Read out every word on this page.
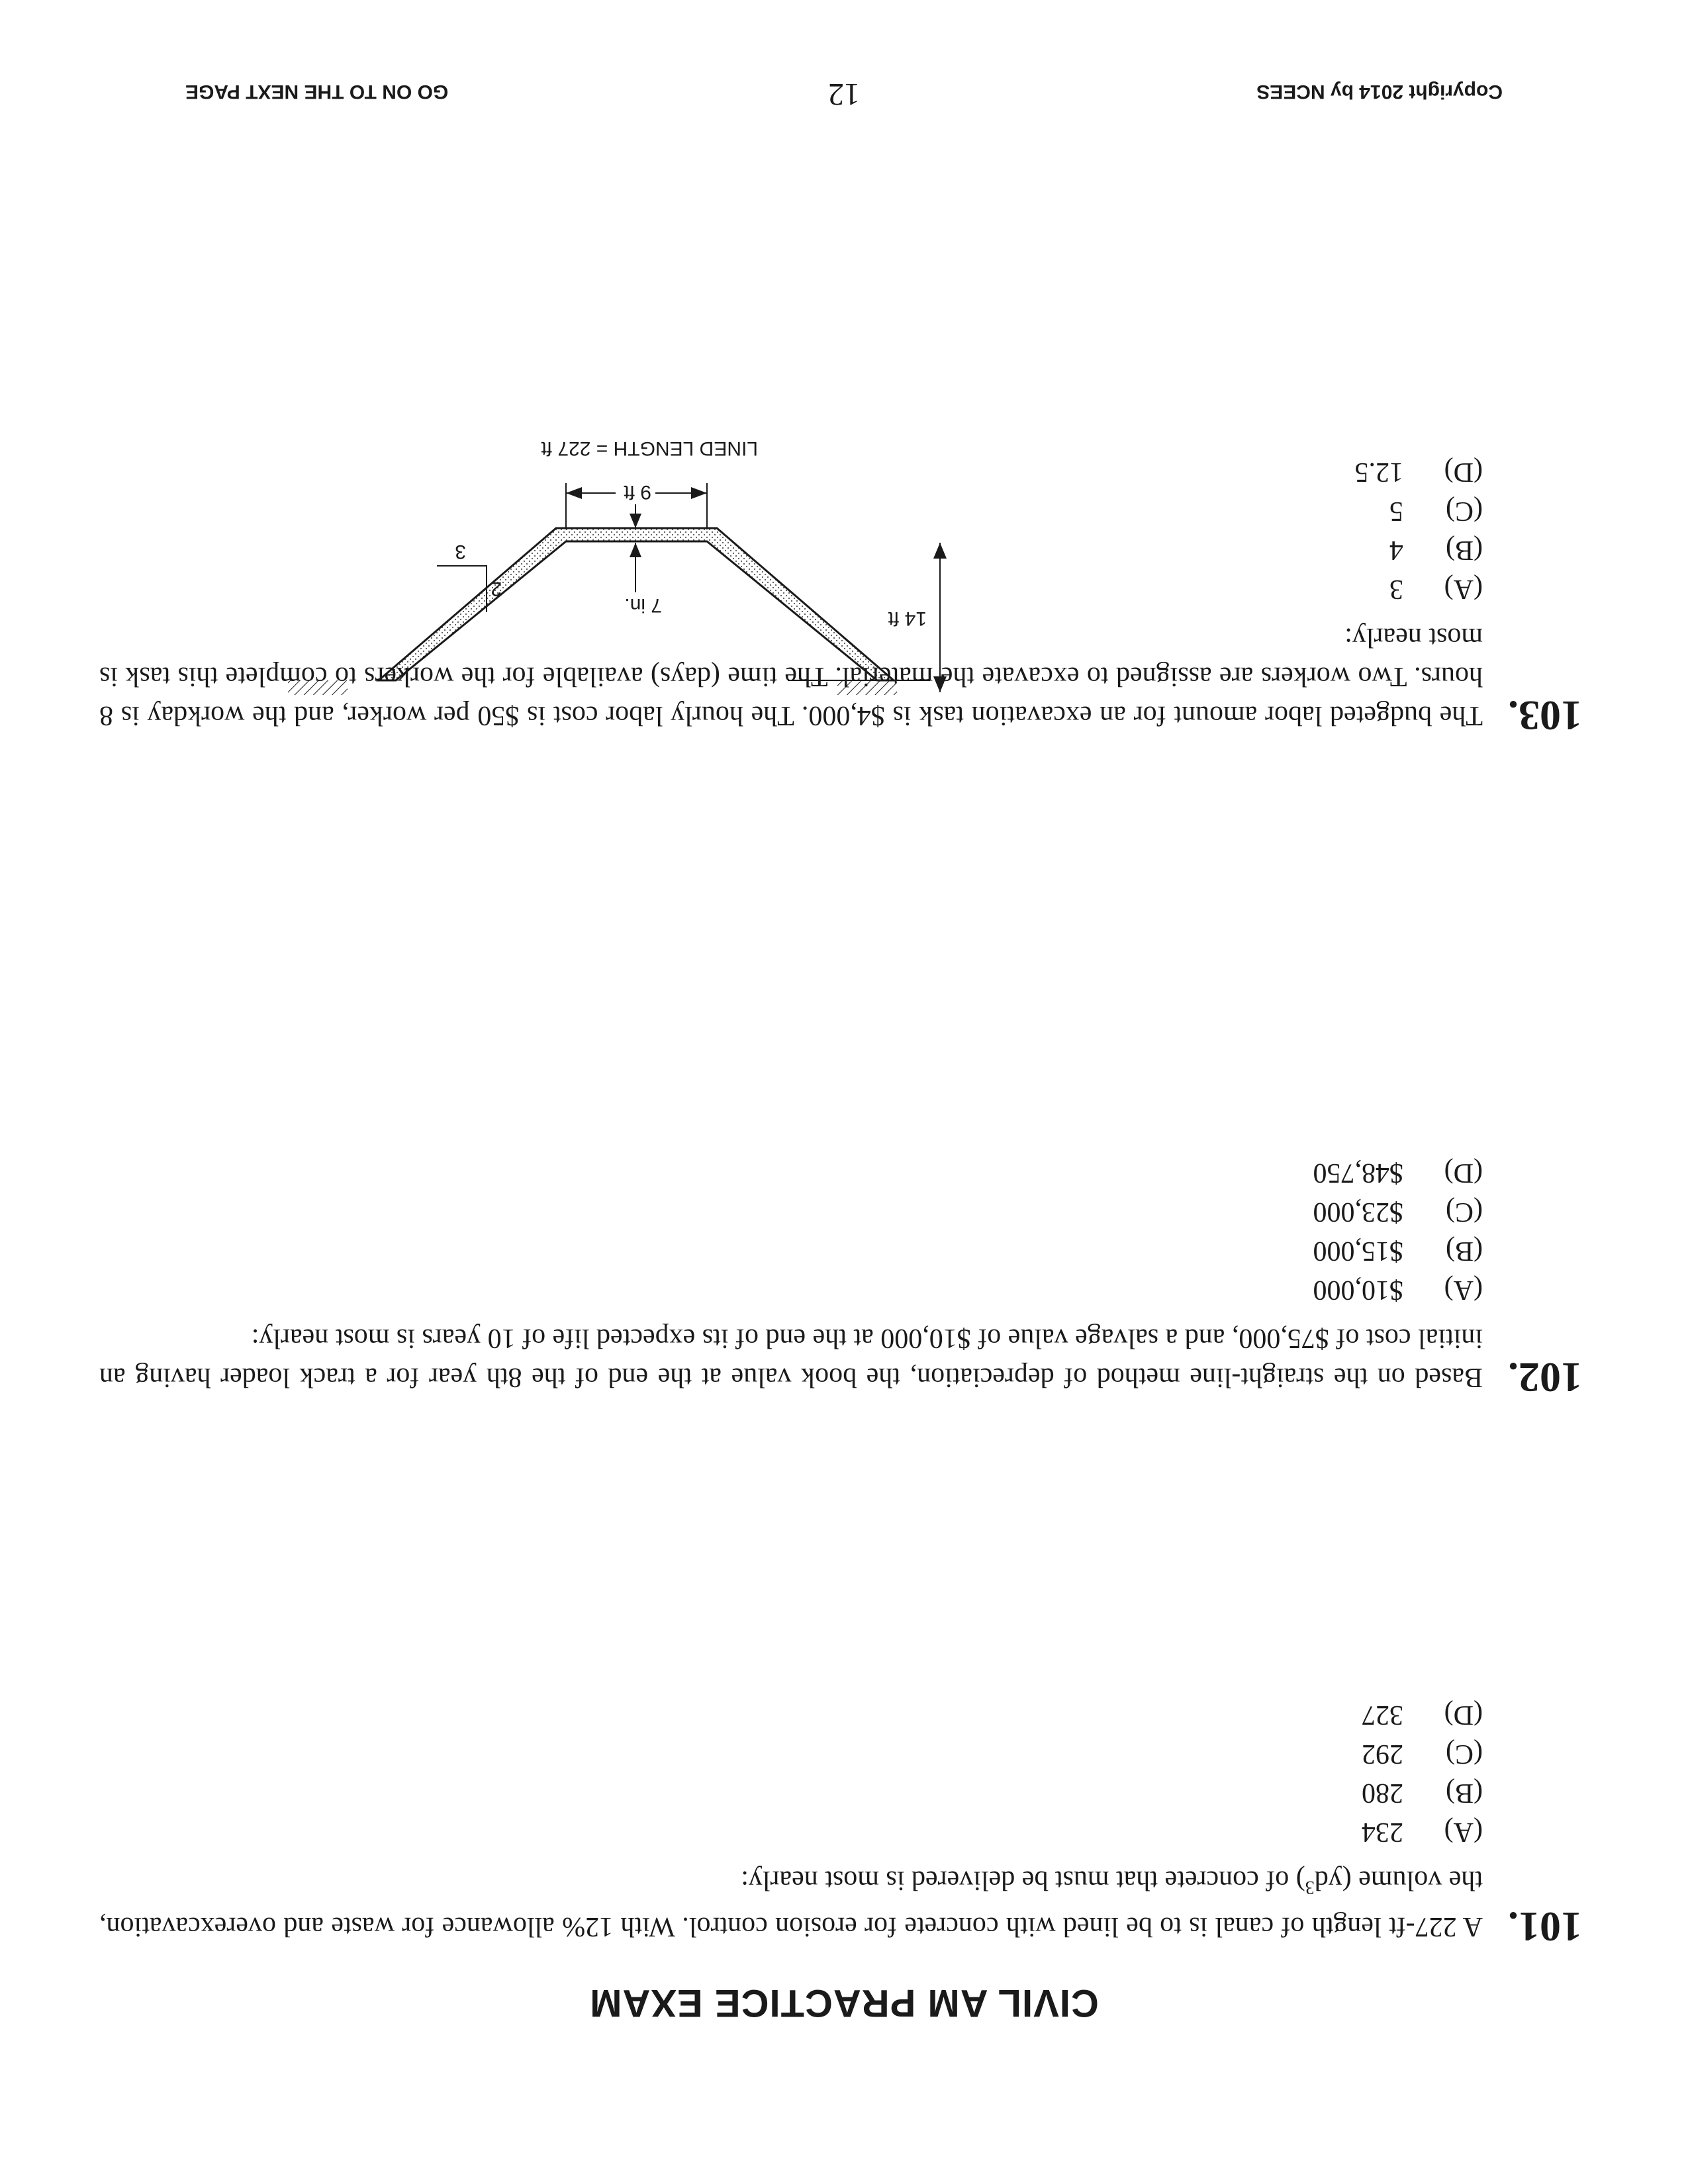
CIVIL AM PRACTICE EXAM
101.
A 227-ft length of canal is to be lined with concrete for erosion control. With 12% allowance for waste and overexcavation, the volume $(yd^3)$ of concrete that must be delivered is most nearly:
(A)234
(B)280
(C)292
(D)327
14 ft
7 in.
2
3
9 ft
LINED LENGTH = 227 ft
102.
Based on the straight-line method of depreciation, the book value at the end of the 8th year for a track loader having an initial cost of $75,000, and a salvage value of $10,000 at the end of its expected life of 10 years is most nearly:
(A)$10,000
(B)$15,000
(C)$23,000
(D)$48,750
103.
The budgeted labor amount for an excavation task is $4,000. The hourly labor cost is $50 per worker, and the workday is 8 hours. Two workers are assigned to excavate the material. The time (days) available for the workers to complete this task is most nearly:
(A)3
(B)4
(C)5
(D)12.5
Copyright 2014 by NCEES
12
GO ON TO THE NEXT PAGE
